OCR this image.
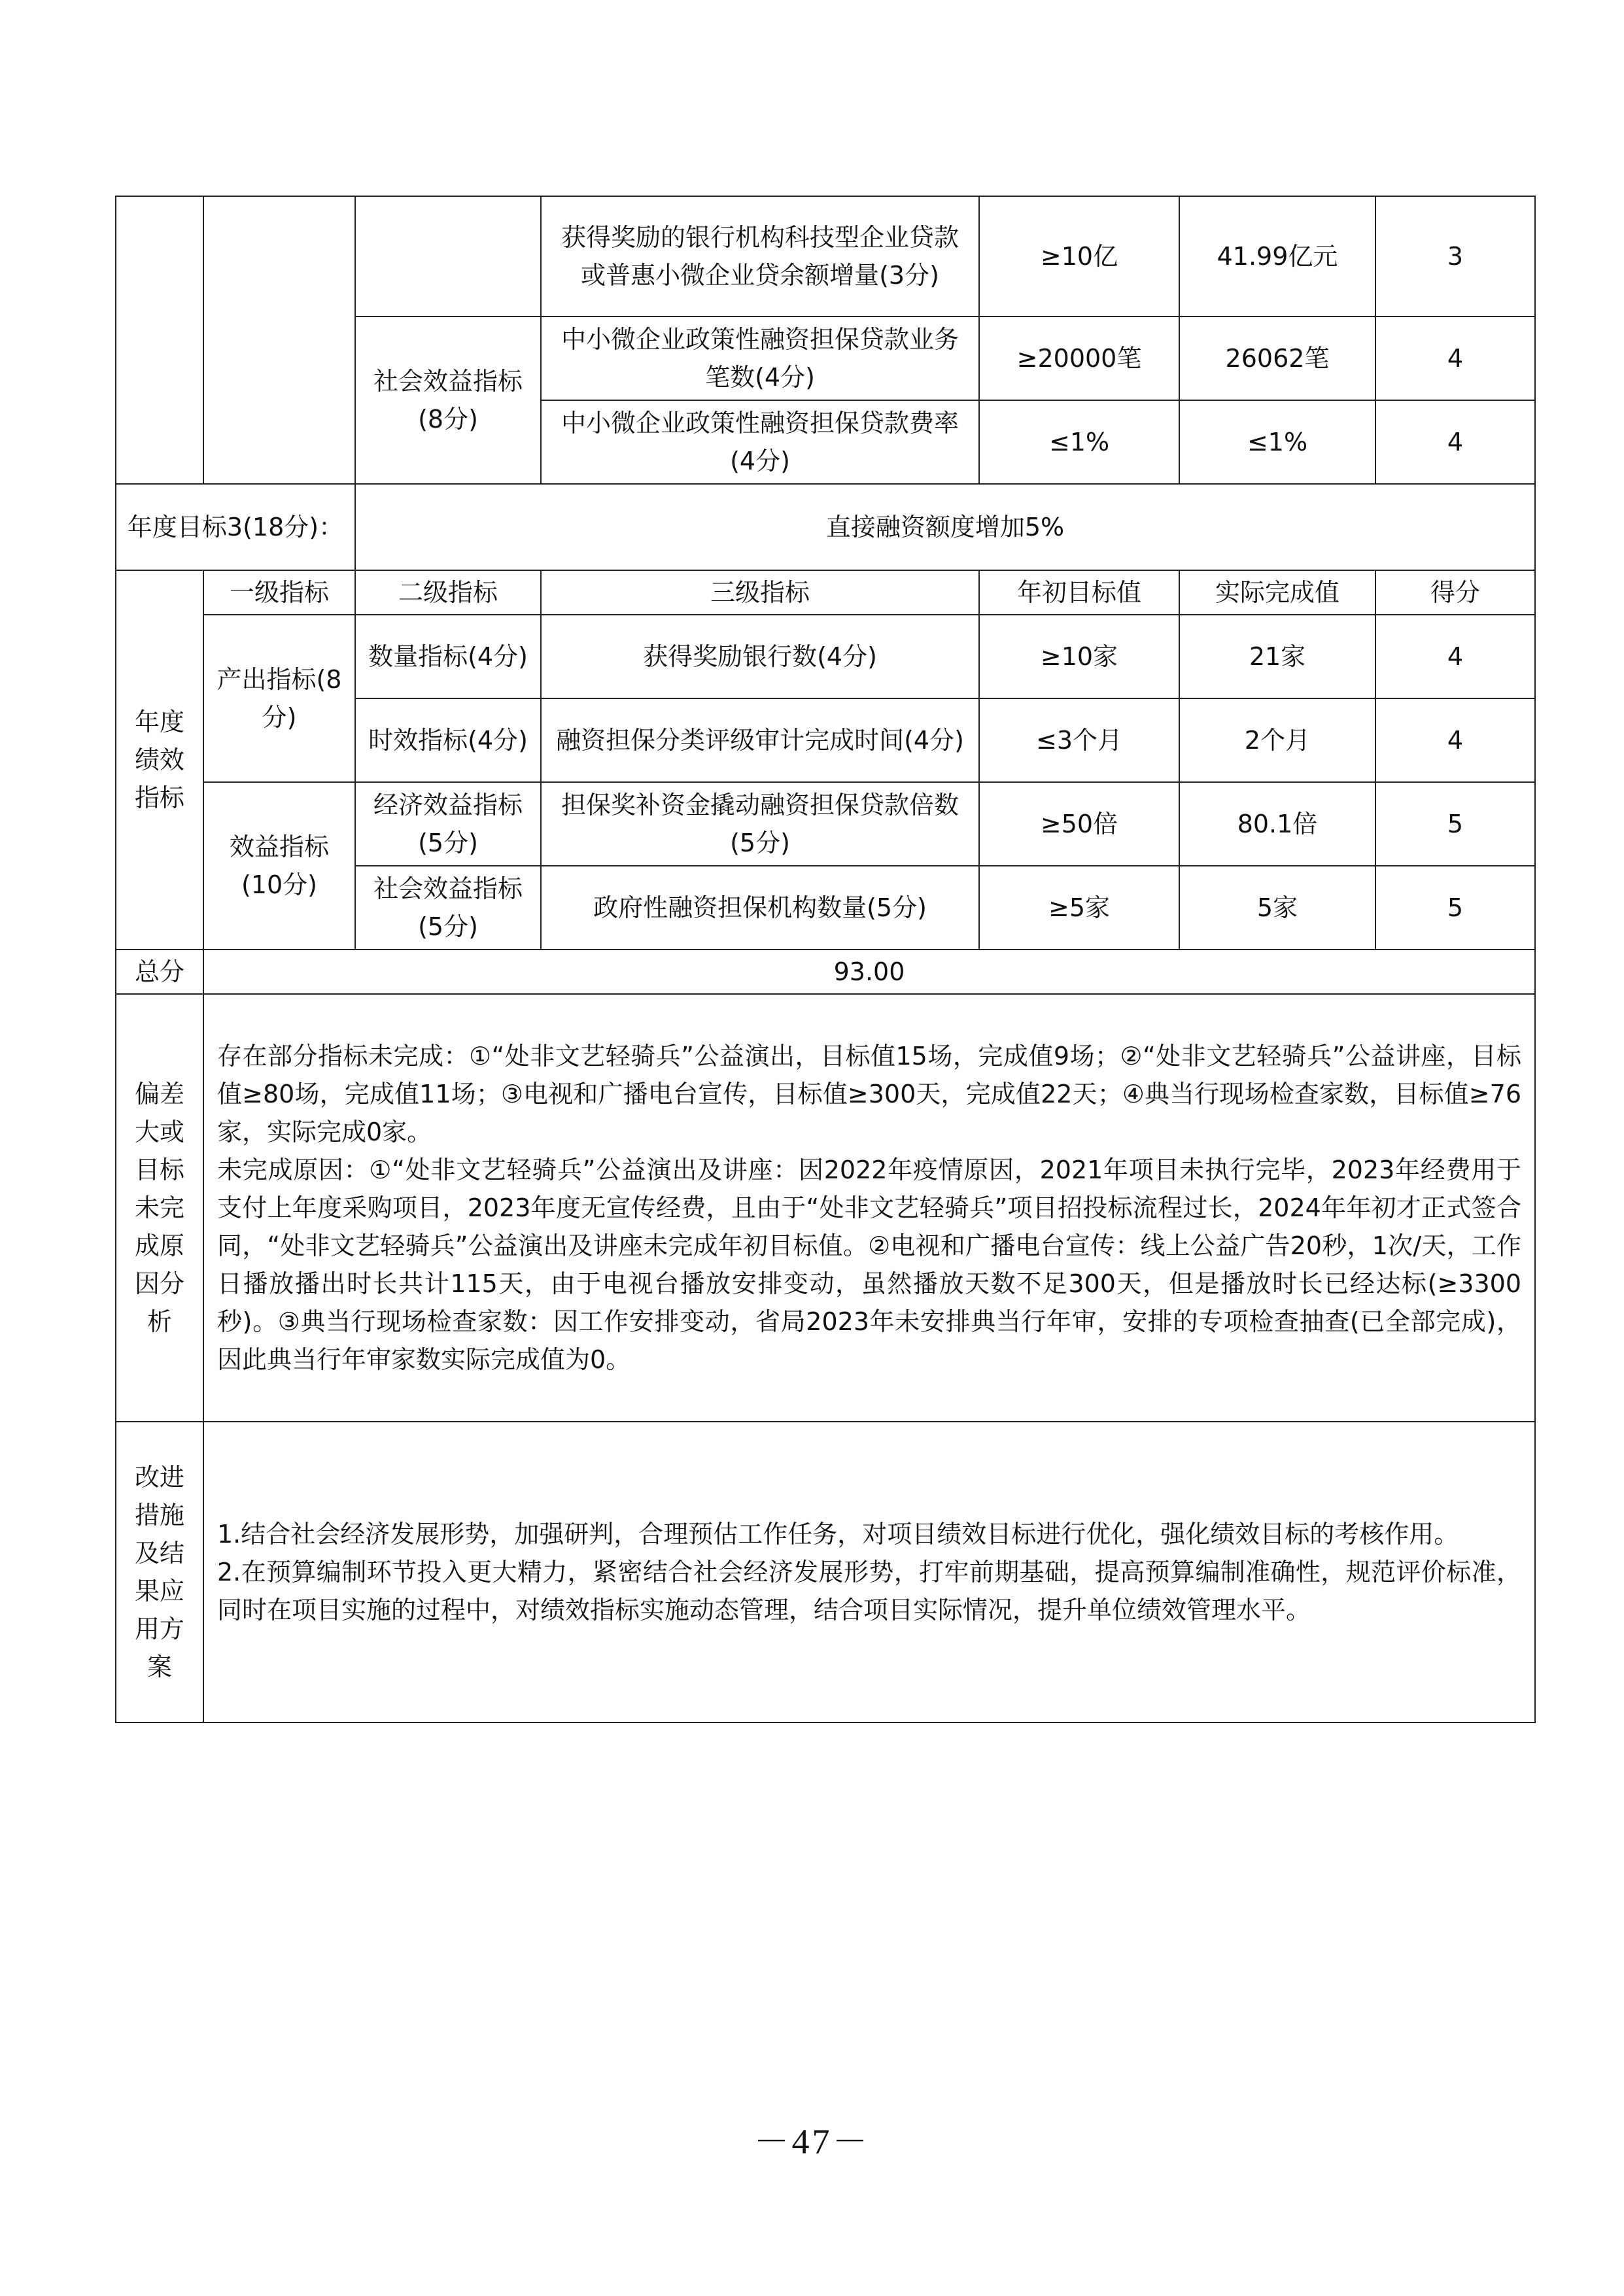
			获得奖励的银行机构科技型企业贷款或普惠小微企业贷余额增量(3分)	≥10亿	41.99亿元	3
		社会效益指标(8分)	中小微企业政策性融资担保贷款业务笔数(4分)	≥20000笔	26062笔	4
			中小微企业政策性融资担保贷款费率(4分)	≤1%	≤1%	4
年度目标3(18分)：		直接融资额度增加5%				
年度绩效指标	一级指标	二级指标	三级指标	年初目标值	实际完成值	得分
	产出指标(8分)	数量指标(4分)	获得奖励银行数(4分)	≥10家	21家	4
		时效指标(4分)	融资担保分类评级审计完成时间(4分)	≤3个月	2个月	4
	效益指标(10分)	经济效益指标(5分)	担保奖补资金撬动融资担保贷款倍数(5分)	≥50倍	80.1倍	5
		社会效益指标(5分)	政府性融资担保机构数量(5分)	≥5家	5家	5
总分	93.00					
偏差大或目标未完成原因分析	存在部分指标未完成：①“处非文艺轻骑兵”公益演出，目标值15场，完成值9场；②“处非文艺轻骑兵”公益讲座，目标值≥80场，完成值11场；③电视和广播电台宣传，目标值≥300天，完成值22天；④典当行现场检查家数，目标值≥76家，实际完成0家。

未完成原因：①“处非文艺轻骑兵”公益演出及讲座：因2022年疫情原因，2021年项目未执行完毕，2023年经费用于支付上年度采购项目，2023年度无宣传经费，且由于“处非文艺轻骑兵”项目招投标流程过长，2024年年初才正式签合同，“处非文艺轻骑兵”公益演出及讲座未完成年初目标值。②电视和广播电台宣传：线上公益广告20秒，1次/天，工作日播放播出时长共计115天，由于电视台播放安排变动，虽然播放天数不足300天，但是播放时长已经达标(≥3300秒)。③典当行现场检查家数：因工作安排变动，省局2023年未安排典当行年审，安排的专项检查抽查(已全部完成)，因此典当行年审家数实际完成值为0。					

改进措施及结果应用方案	1.结合社会经济发展形势，加强研判，合理预估工作任务，对项目绩效目标进行优化，强化绩效目标的考核作用。

2.在预算编制环节投入更大精力，紧密结合社会经济发展形势，打牢前期基础，提高预算编制准确性，规范评价标准，同时在项目实施的过程中，对绩效指标实施动态管理，结合项目实际情况，提升单位绩效管理水平。					

－47－
